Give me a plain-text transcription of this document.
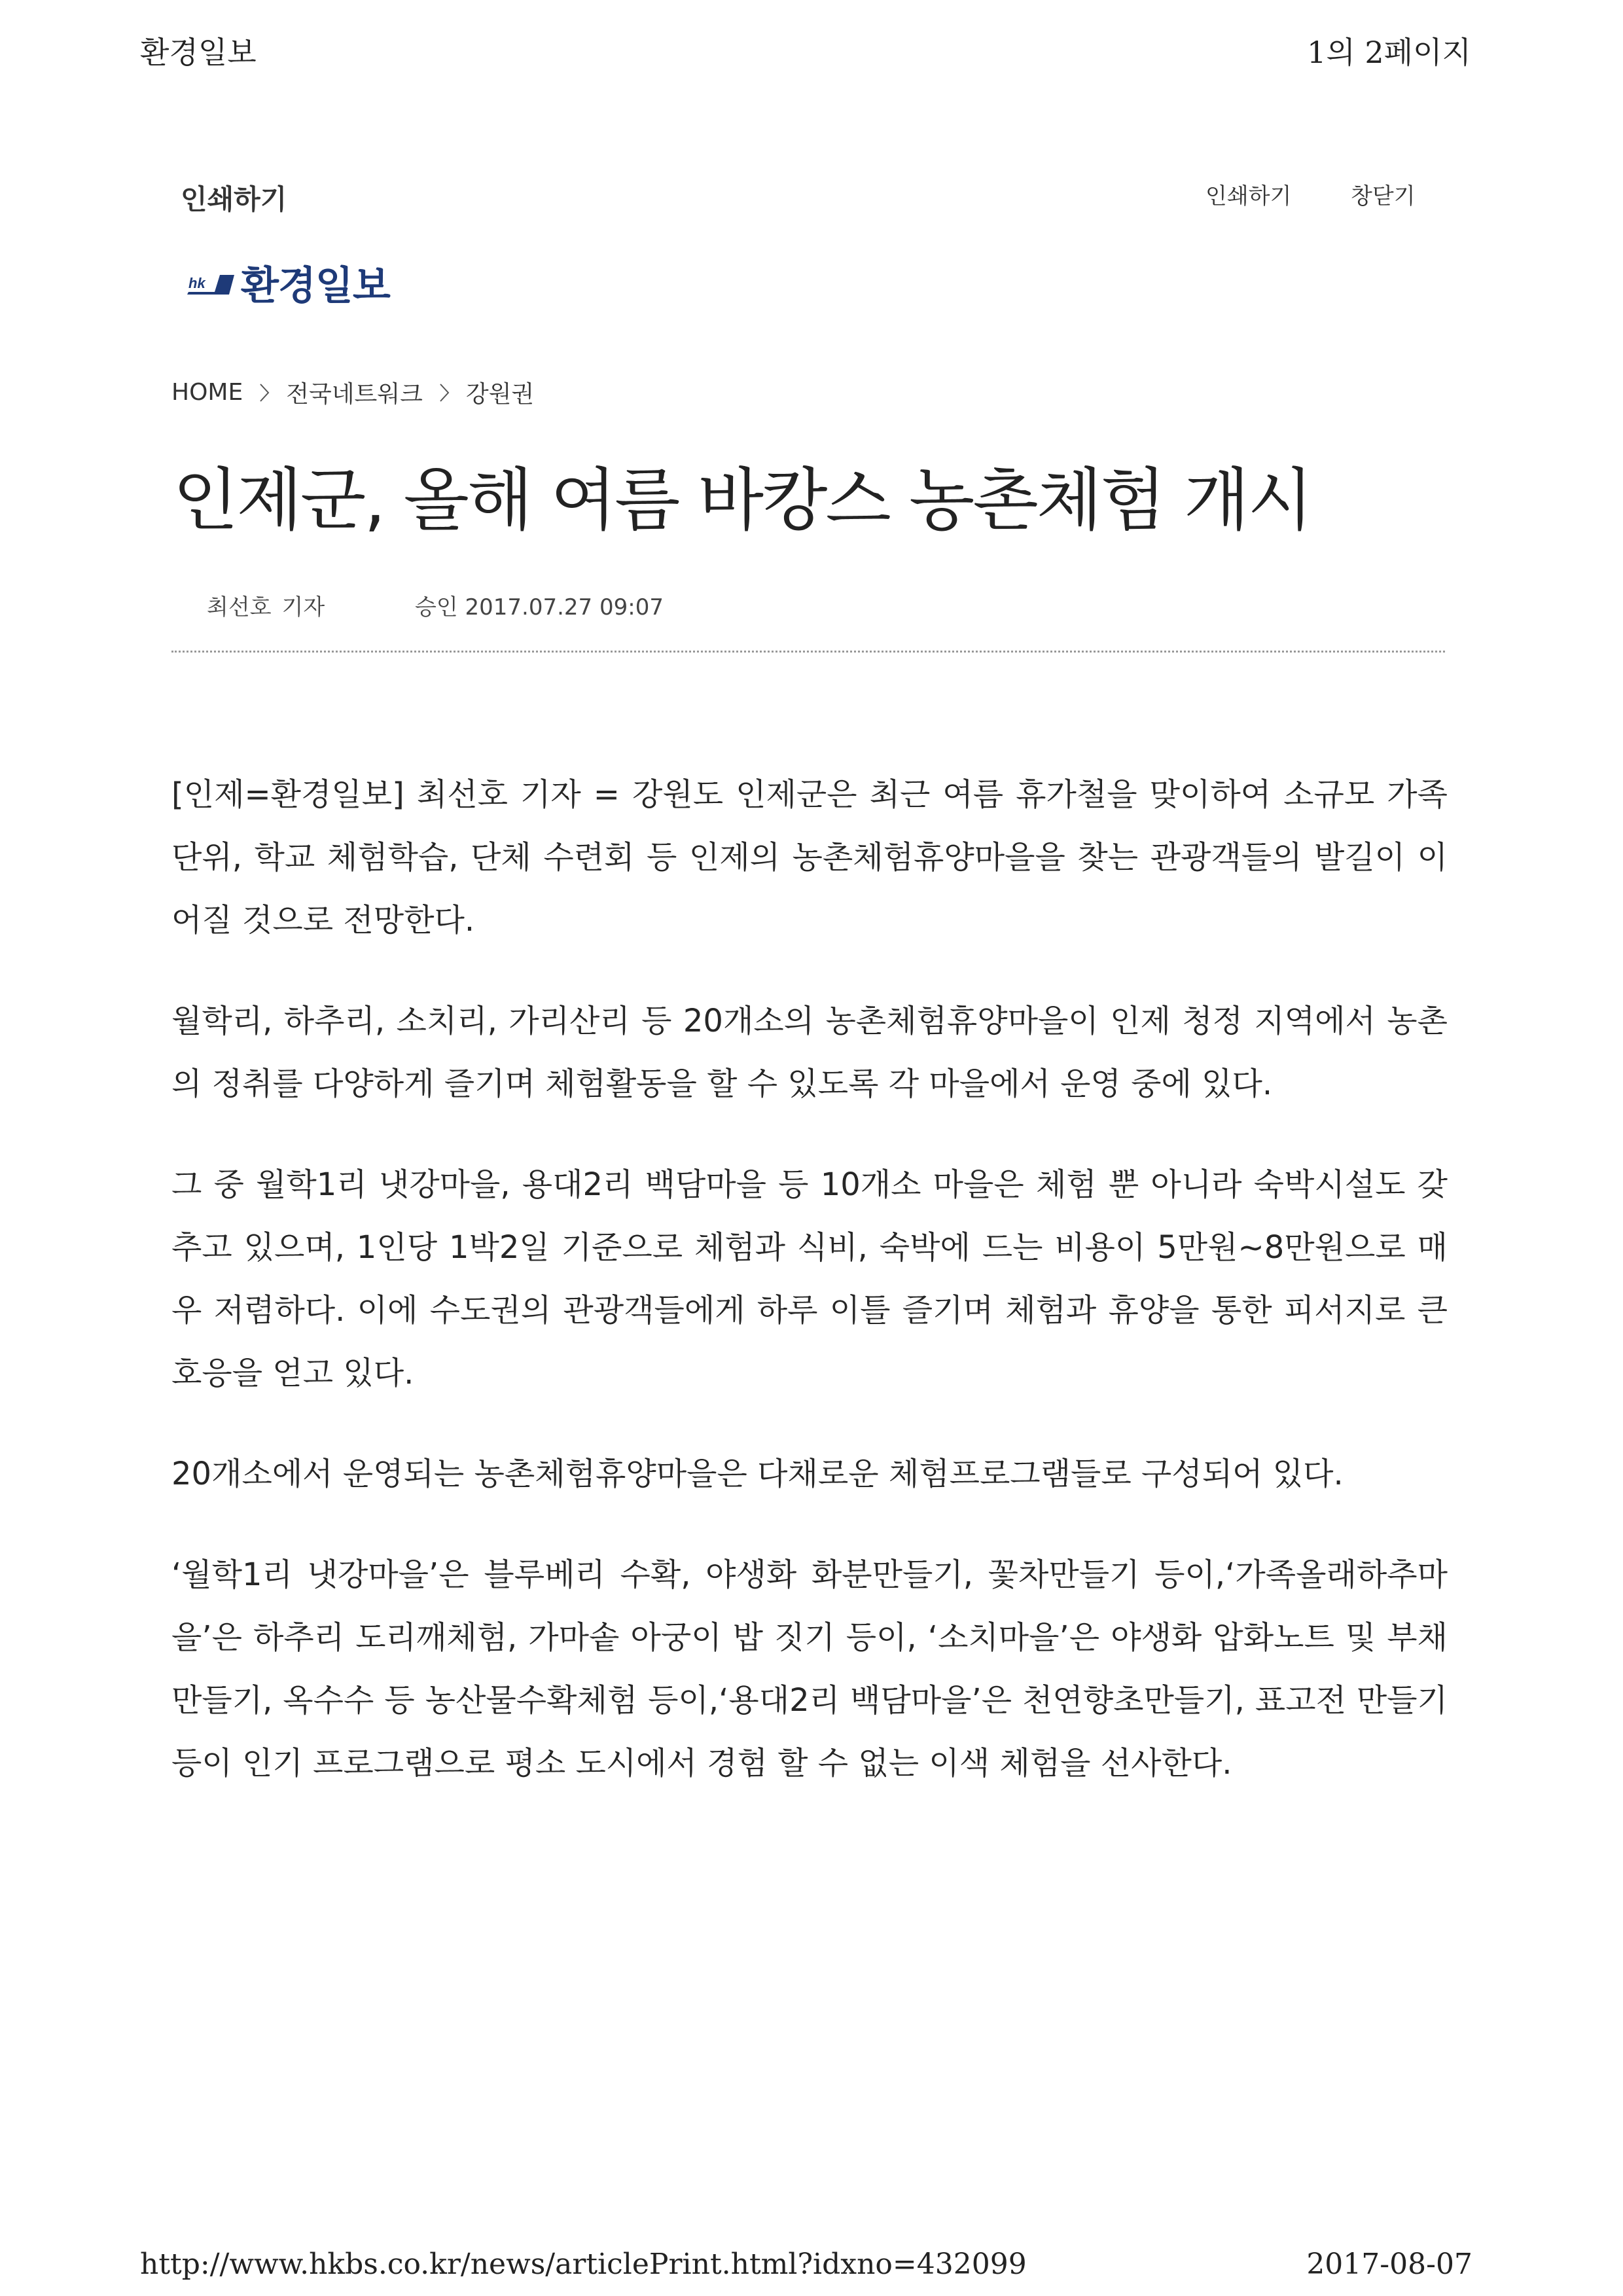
환경일보	1의 2페이지
인쇄하기	인쇄하기	창닫기
hk 환경일보
HOME 전국네트워크 강원권
인제군, 올해 여름 바캉스 농촌체험 개시
최선호 기자	승인 2017.07.27 09:07

[인제=환경일보] 최선호 기자 = 강원도 인제군은 최근 여름 휴가철을 맞이하여 소규모 가족단위, 학교 체험학습, 단체 수련회 등 인제의 농촌체험휴양마을을 찾는 관광객들의 발길이 이어질 것으로 전망한다.

월학리, 하추리, 소치리, 가리산리 등 20개소의 농촌체험휴양마을이 인제 청정 지역에서 농촌의 정취를 다양하게 즐기며 체험활동을 할 수 있도록 각 마을에서 운영 중에 있다.

그 중 월학1리 냇강마을, 용대2리 백담마을 등 10개소 마을은 체험 뿐 아니라 숙박시설도 갖추고 있으며, 1인당 1박2일 기준으로 체험과 식비, 숙박에 드는 비용이 5만원~8만원으로 매우 저렴하다. 이에 수도권의 관광객들에게 하루 이틀 즐기며 체험과 휴양을 통한 피서지로 큰 호응을 얻고 있다.

20개소에서 운영되는 농촌체험휴양마을은 다채로운 체험프로그램들로 구성되어 있다.

‘월학1리 냇강마을’은 블루베리 수확, 야생화 화분만들기, 꽃차만들기 등이,‘가족올래하추마을’은 하추리 도리깨체험, 가마솥 아궁이 밥 짓기 등이, ‘소치마을’은 야생화 압화노트 및 부채만들기, 옥수수 등 농산물수확체험 등이,‘용대2리 백담마을’은 천연향초만들기, 표고전 만들기 등이 인기 프로그램으로 평소 도시에서 경험 할 수 없는 이색 체험을 선사한다.

http://www.hkbs.co.kr/news/articlePrint.html?idxno=432099	2017-08-07
